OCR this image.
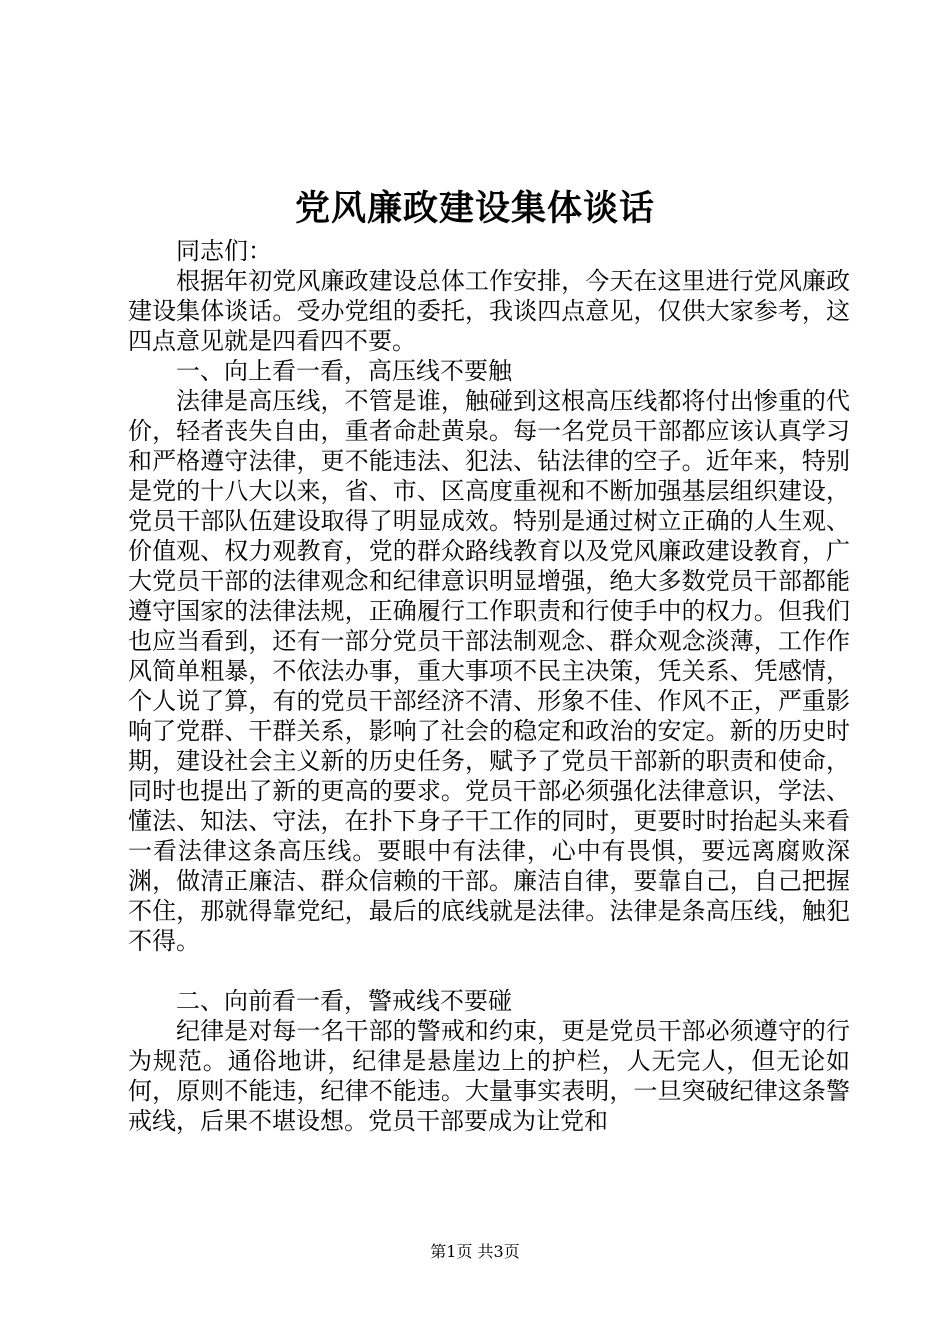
党风廉政建设集体谈话

同志们：

根据年初党风廉政建设总体工作安排，今天在这里进行党风廉政建设集体谈话。受办党组的委托，我谈四点意见，仅供大家参考，这四点意见就是四看四不要。

一、向上看一看，高压线不要触

法律是高压线，不管是谁，触碰到这根高压线都将付出惨重的代价，轻者丧失自由，重者命赴黄泉。每一名党员干部都应该认真学习和严格遵守法律，更不能违法、犯法、钻法律的空子。近年来，特别是党的十八大以来，省、市、区高度重视和不断加强基层组织建设，党员干部队伍建设取得了明显成效。特别是通过树立正确的人生观、价值观、权力观教育，党的群众路线教育以及党风廉政建设教育，广大党员干部的法律观念和纪律意识明显增强，绝大多数党员干部都能遵守国家的法律法规，正确履行工作职责和行使手中的权力。但我们也应当看到，还有一部分党员干部法制观念、群众观念淡薄，工作作风简单粗暴，不依法办事，重大事项不民主决策，凭关系、凭感情，个人说了算，有的党员干部经济不清、形象不佳、作风不正，严重影响了党群、干群关系，影响了社会的稳定和政治的安定。新的历史时期，建设社会主义新的历史任务，赋予了党员干部新的职责和使命，同时也提出了新的更高的要求。党员干部必须强化法律意识，学法、懂法、知法、守法，在扑下身子干工作的同时，更要时时抬起头来看一看法律这条高压线。要眼中有法律，心中有畏惧，要远离腐败深渊，做清正廉洁、群众信赖的干部。廉洁自律，要靠自己，自己把握不住，那就得靠党纪，最后的底线就是法律。法律是条高压线，触犯不得。

二、向前看一看，警戒线不要碰

纪律是对每一名干部的警戒和约束，更是党员干部必须遵守的行为规范。通俗地讲，纪律是悬崖边上的护栏，人无完人，但无论如何，原则不能违，纪律不能违。大量事实表明，一旦突破纪律这条警戒线，后果不堪设想。党员干部要成为让党和

第1页 共3页
